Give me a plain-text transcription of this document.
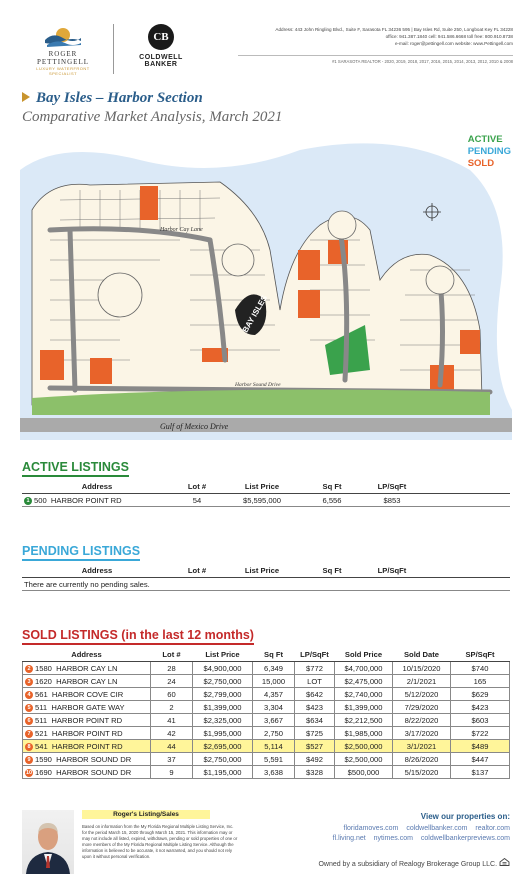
ROGER PETTINGELL
LUXURY WATERFRONT SPECIALIST
CB
COLDWELL BANKER
Address: 443 John Ringling Blvd., Suite F, Sarasota FL 34236 595 | Bay Isles Rd, Suite 250, Longboat Key FL 34228
office: 941.387.1840 cell: 941.586.6668 toll free: 800.910.8738
e-mail: roger@pettingell.com website: www.Pettingell.com
#1 SARASOTA REALTOR - 2020, 2019, 2018, 2017, 2016, 2015, 2014, 2013, 2012, 2010 & 2008
Bay Isles – Harbor Section
Comparative Market Analysis, March 2021
Harbor Cay Lane
Gulf of Mexico Drive
Harbor Sound Drive
BAY ISLES
ACTIVE
PENDING
SOLD
ACTIVE LISTINGS
Address	Lot #	List Price	Sq Ft	LP/SqFt	
1 500 HARBOR POINT RD	54	$5,595,000	6,556	$853	
PENDING LISTINGS
Address	Lot #	List Price	Sq Ft	LP/SqFt	
There are currently no pending sales.
SOLD LISTINGS (in the last 12 months)
Address	Lot #	List Price	Sq Ft	LP/SqFt	Sold Price	Sold Date	SP/SqFt
2 1580 HARBOR CAY LN	28	$4,900,000	6,349	$772	$4,700,000	10/15/2020	$740
3 1620 HARBOR CAY LN	24	$2,750,000	15,000	LOT	$2,475,000	2/1/2021	165
4 561 HARBOR COVE CIR	60	$2,799,000	4,357	$642	$2,740,000	5/12/2020	$629
5 511 HARBOR GATE WAY	2	$1,399,000	3,304	$423	$1,399,000	7/29/2020	$423
6 511 HARBOR POINT RD	41	$2,325,000	3,667	$634	$2,212,500	8/22/2020	$603
7 521 HARBOR POINT RD	42	$1,995,000	2,750	$725	$1,985,000	3/17/2020	$722
8 541 HARBOR POINT RD	44	$2,695,000	5,114	$527	$2,500,000	3/1/2021	$489
9 1590 HARBOR SOUND DR	37	$2,750,000	5,591	$492	$2,500,000	8/26/2020	$447
10 1690 HARBOR SOUND DR	9	$1,195,000	3,638	$328	$500,000	5/15/2020	$137
Roger's Listing/Sales
Based on information from the My Florida Regional Multiple Listing Service, Inc. for the period March 15, 2020 through March 15, 2021. This information may or may not include all listed, expired, withdrawn, pending or sold properties of one or more members of the My Florida Regional Multiple Listing Service. Although the information is believed to be accurate, it not warranted, and you should not rely upon it without personal verification.
View our properties on:
floridamoves.com coldwellbanker.com realtor.com
fl.living.net nytimes.com coldwellbankerpreviews.com
Owned by a subsidiary of Realogy Brokerage Group LLC.
